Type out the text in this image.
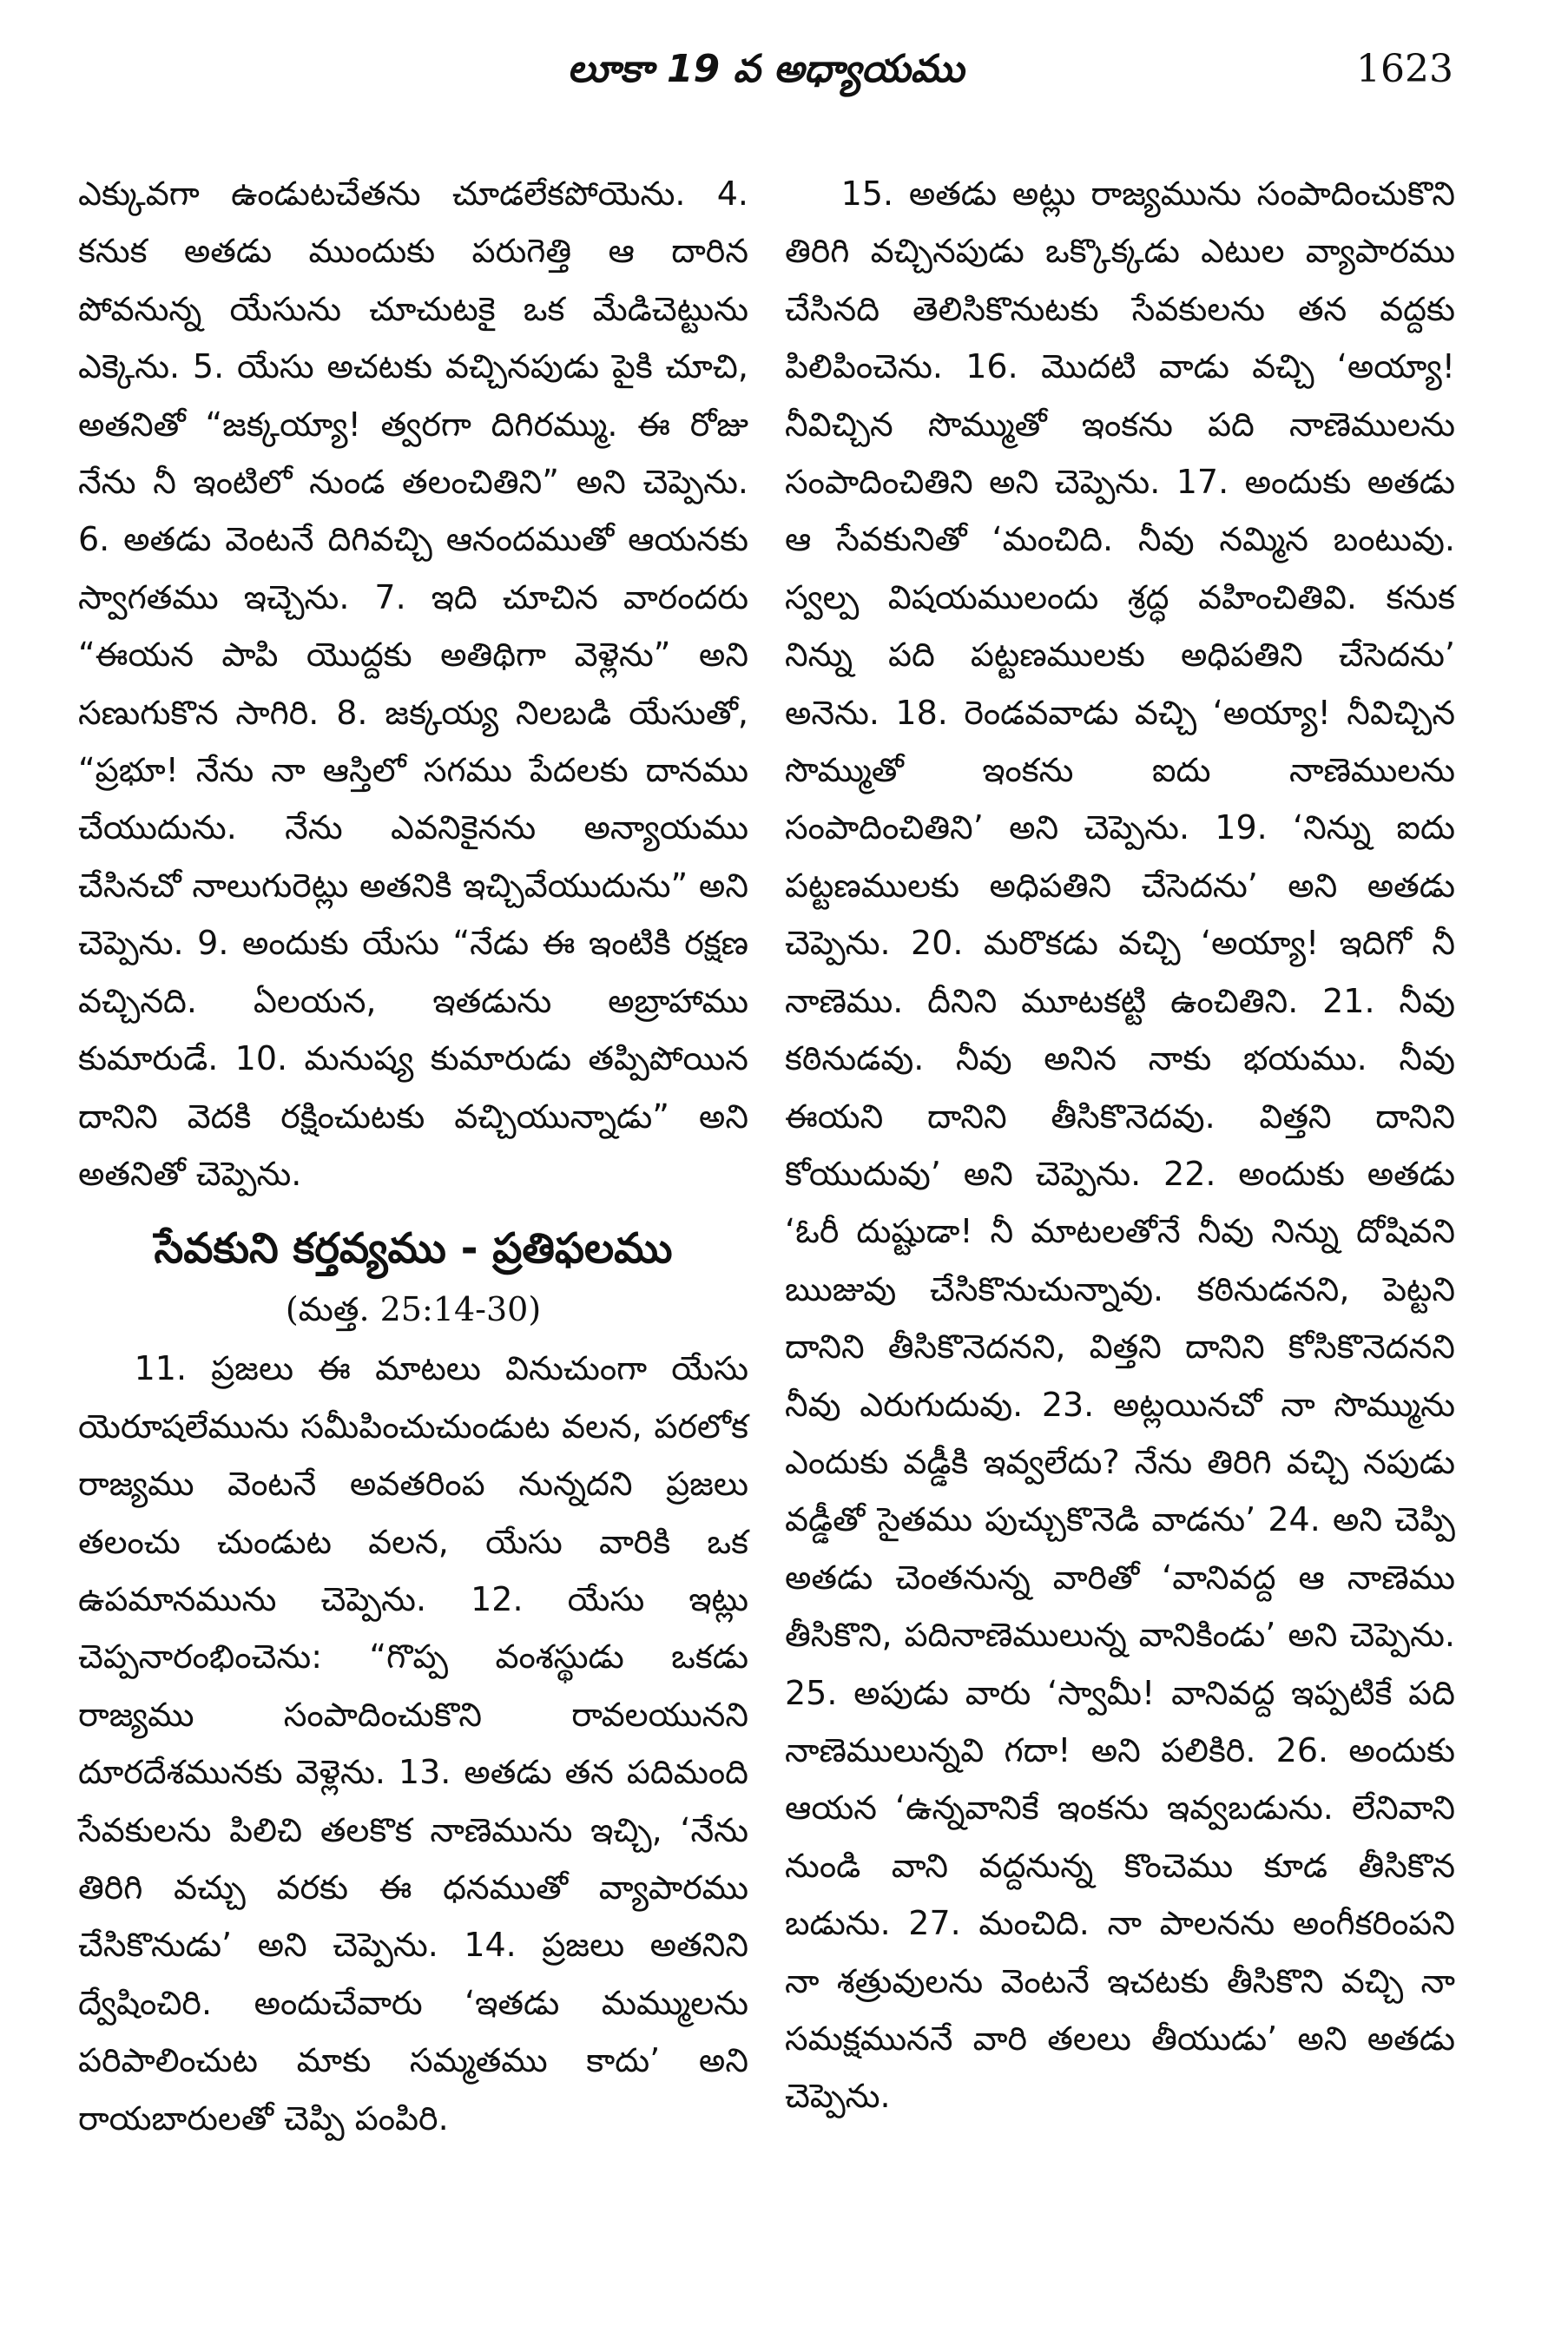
లూకా 19 వ అధ్యాయము	1623

ఎక్కువగా ఉండుటచేతను చూడలేకపోయెను. 4. కనుక అతడు ముందుకు పరుగెత్తి ఆ దారిన పోవనున్న యేసును చూచుటకై ఒక మేడిచెట్టును ఎక్కెను. 5. యేసు అచటకు వచ్చినపుడు పైకి చూచి, అతనితో “జక్కయ్యా! త్వరగా దిగిరమ్ము. ఈ రోజు నేను నీ ఇంటిలో నుండ తలంచితిని” అని చెప్పెను. 6. అతడు వెంటనే దిగివచ్చి ఆనందముతో ఆయనకు స్వాగతము ఇచ్చెను. 7. ఇది చూచిన వారందరు “ఈయన పాపి యొద్దకు అతిథిగా వెళ్లెను” అని సణుగుకొన సాగిరి. 8. జక్కయ్య నిలబడి యేసుతో, “ప్రభూ! నేను నా ఆస్తిలో సగము పేదలకు దానము చేయుదును. నేను ఎవనికైనను అన్యాయము చేసినచో నాలుగురెట్లు అతనికి ఇచ్చివేయుదును” అని చెప్పెను. 9. అందుకు యేసు “నేడు ఈ ఇంటికి రక్షణ వచ్చినది. ఏలయన, ఇతడును అబ్రాహాము కుమారుడే. 10. మనుష్య కుమారుడు తప్పిపోయిన దానిని వెదకి రక్షించుటకు వచ్చియున్నాడు” అని అతనితో చెప్పెను.

సేవకుని కర్తవ్యము - ప్రతిఫలము

(మత్త. 25:14-30)

11. ప్రజలు ఈ మాటలు వినుచుంగా యేసు యెరూషలేమును సమీపించుచుండుట వలన, పరలోక రాజ్యము వెంటనే అవతరింప నున్నదని ప్రజలు తలంచు చుండుట వలన, యేసు వారికి ఒక ఉపమానమును చెప్పెను. 12. యేసు ఇట్లు చెప్పనారంభించెను: “గొప్ప వంశస్థుడు ఒకడు రాజ్యము సంపాదించుకొని రావలయునని దూరదేశమునకు వెళ్లెను. 13. అతడు తన పదిమంది సేవకులను పిలిచి తలకొక నాణెమును ఇచ్చి, ‘నేను తిరిగి వచ్చు వరకు ఈ ధనముతో వ్యాపారము చేసికొనుడు’ అని చెప్పెను. 14. ప్రజలు అతనిని ద్వేషించిరి. అందుచేవారు ‘ఇతడు మమ్ములను పరిపాలించుట మాకు సమ్మతము కాదు’ అని రాయబారులతో చెప్పి పంపిరి.

15. అతడు అట్లు రాజ్యమును సంపాదించుకొని తిరిగి వచ్చినపుడు ఒక్కొక్కడు ఎటుల వ్యాపారము చేసినది తెలిసికొనుటకు సేవకులను తన వద్దకు పిలిపించెను. 16. మొదటి వాడు వచ్చి ‘అయ్యా! నీవిచ్చిన సొమ్ముతో ఇంకను పది నాణెములను సంపాదించితిని అని చెప్పెను. 17. అందుకు అతడు ఆ సేవకునితో ‘మంచిది. నీవు నమ్మిన బంటువు. స్వల్ప విషయములందు శ్రద్ధ వహించితివి. కనుక నిన్ను పది పట్టణములకు అధిపతిని చేసెదను’ అనెను. 18. రెండవవాడు వచ్చి ‘అయ్యా! నీవిచ్చిన సొమ్ముతో ఇంకను ఐదు నాణెములను సంపాదించితిని’ అని చెప్పెను. 19. ‘నిన్ను ఐదు పట్టణములకు అధిపతిని చేసెదను’ అని అతడు చెప్పెను. 20. మరొకడు వచ్చి ‘అయ్యా! ఇదిగో నీ నాణెము. దీనిని మూటకట్టి ఉంచితిని. 21. నీవు కఠినుడవు. నీవు అనిన నాకు భయము. నీవు ఈయని దానిని తీసికొనెదవు. విత్తని దానిని కోయుదువు’ అని చెప్పెను. 22. అందుకు అతడు ‘ఓరీ దుష్టుడా! నీ మాటలతోనే నీవు నిన్ను దోషివని ఋజువు చేసికొనుచున్నావు. కఠినుడనని, పెట్టని దానిని తీసికొనెదనని, విత్తని దానిని కోసికొనెదనని నీవు ఎరుగుదువు. 23. అట్లయినచో నా సొమ్మును ఎందుకు వడ్డీకి ఇవ్వలేదు? నేను తిరిగి వచ్చి నపుడు వడ్డీతో సైతము పుచ్చుకొనెడి వాడను’ 24. అని చెప్పి అతడు చెంతనున్న వారితో ‘వానివద్ద ఆ నాణెము తీసికొని, పదినాణెములున్న వానికిండు’ అని చెప్పెను. 25. అపుడు వారు ‘స్వామీ! వానివద్ద ఇప్పటికే పది నాణెములున్నవి గదా! అని పలికిరి. 26. అందుకు ఆయన ‘ఉన్నవానికే ఇంకను ఇవ్వబడును. లేనివాని నుండి వాని వద్దనున్న కొంచెము కూడ తీసికొన బడును. 27. మంచిది. నా పాలనను అంగీకరింపని నా శత్రువులను వెంటనే ఇచటకు తీసికొని వచ్చి నా సమక్షముననే వారి తలలు తీయుడు’ అని అతడు చెప్పెను.
